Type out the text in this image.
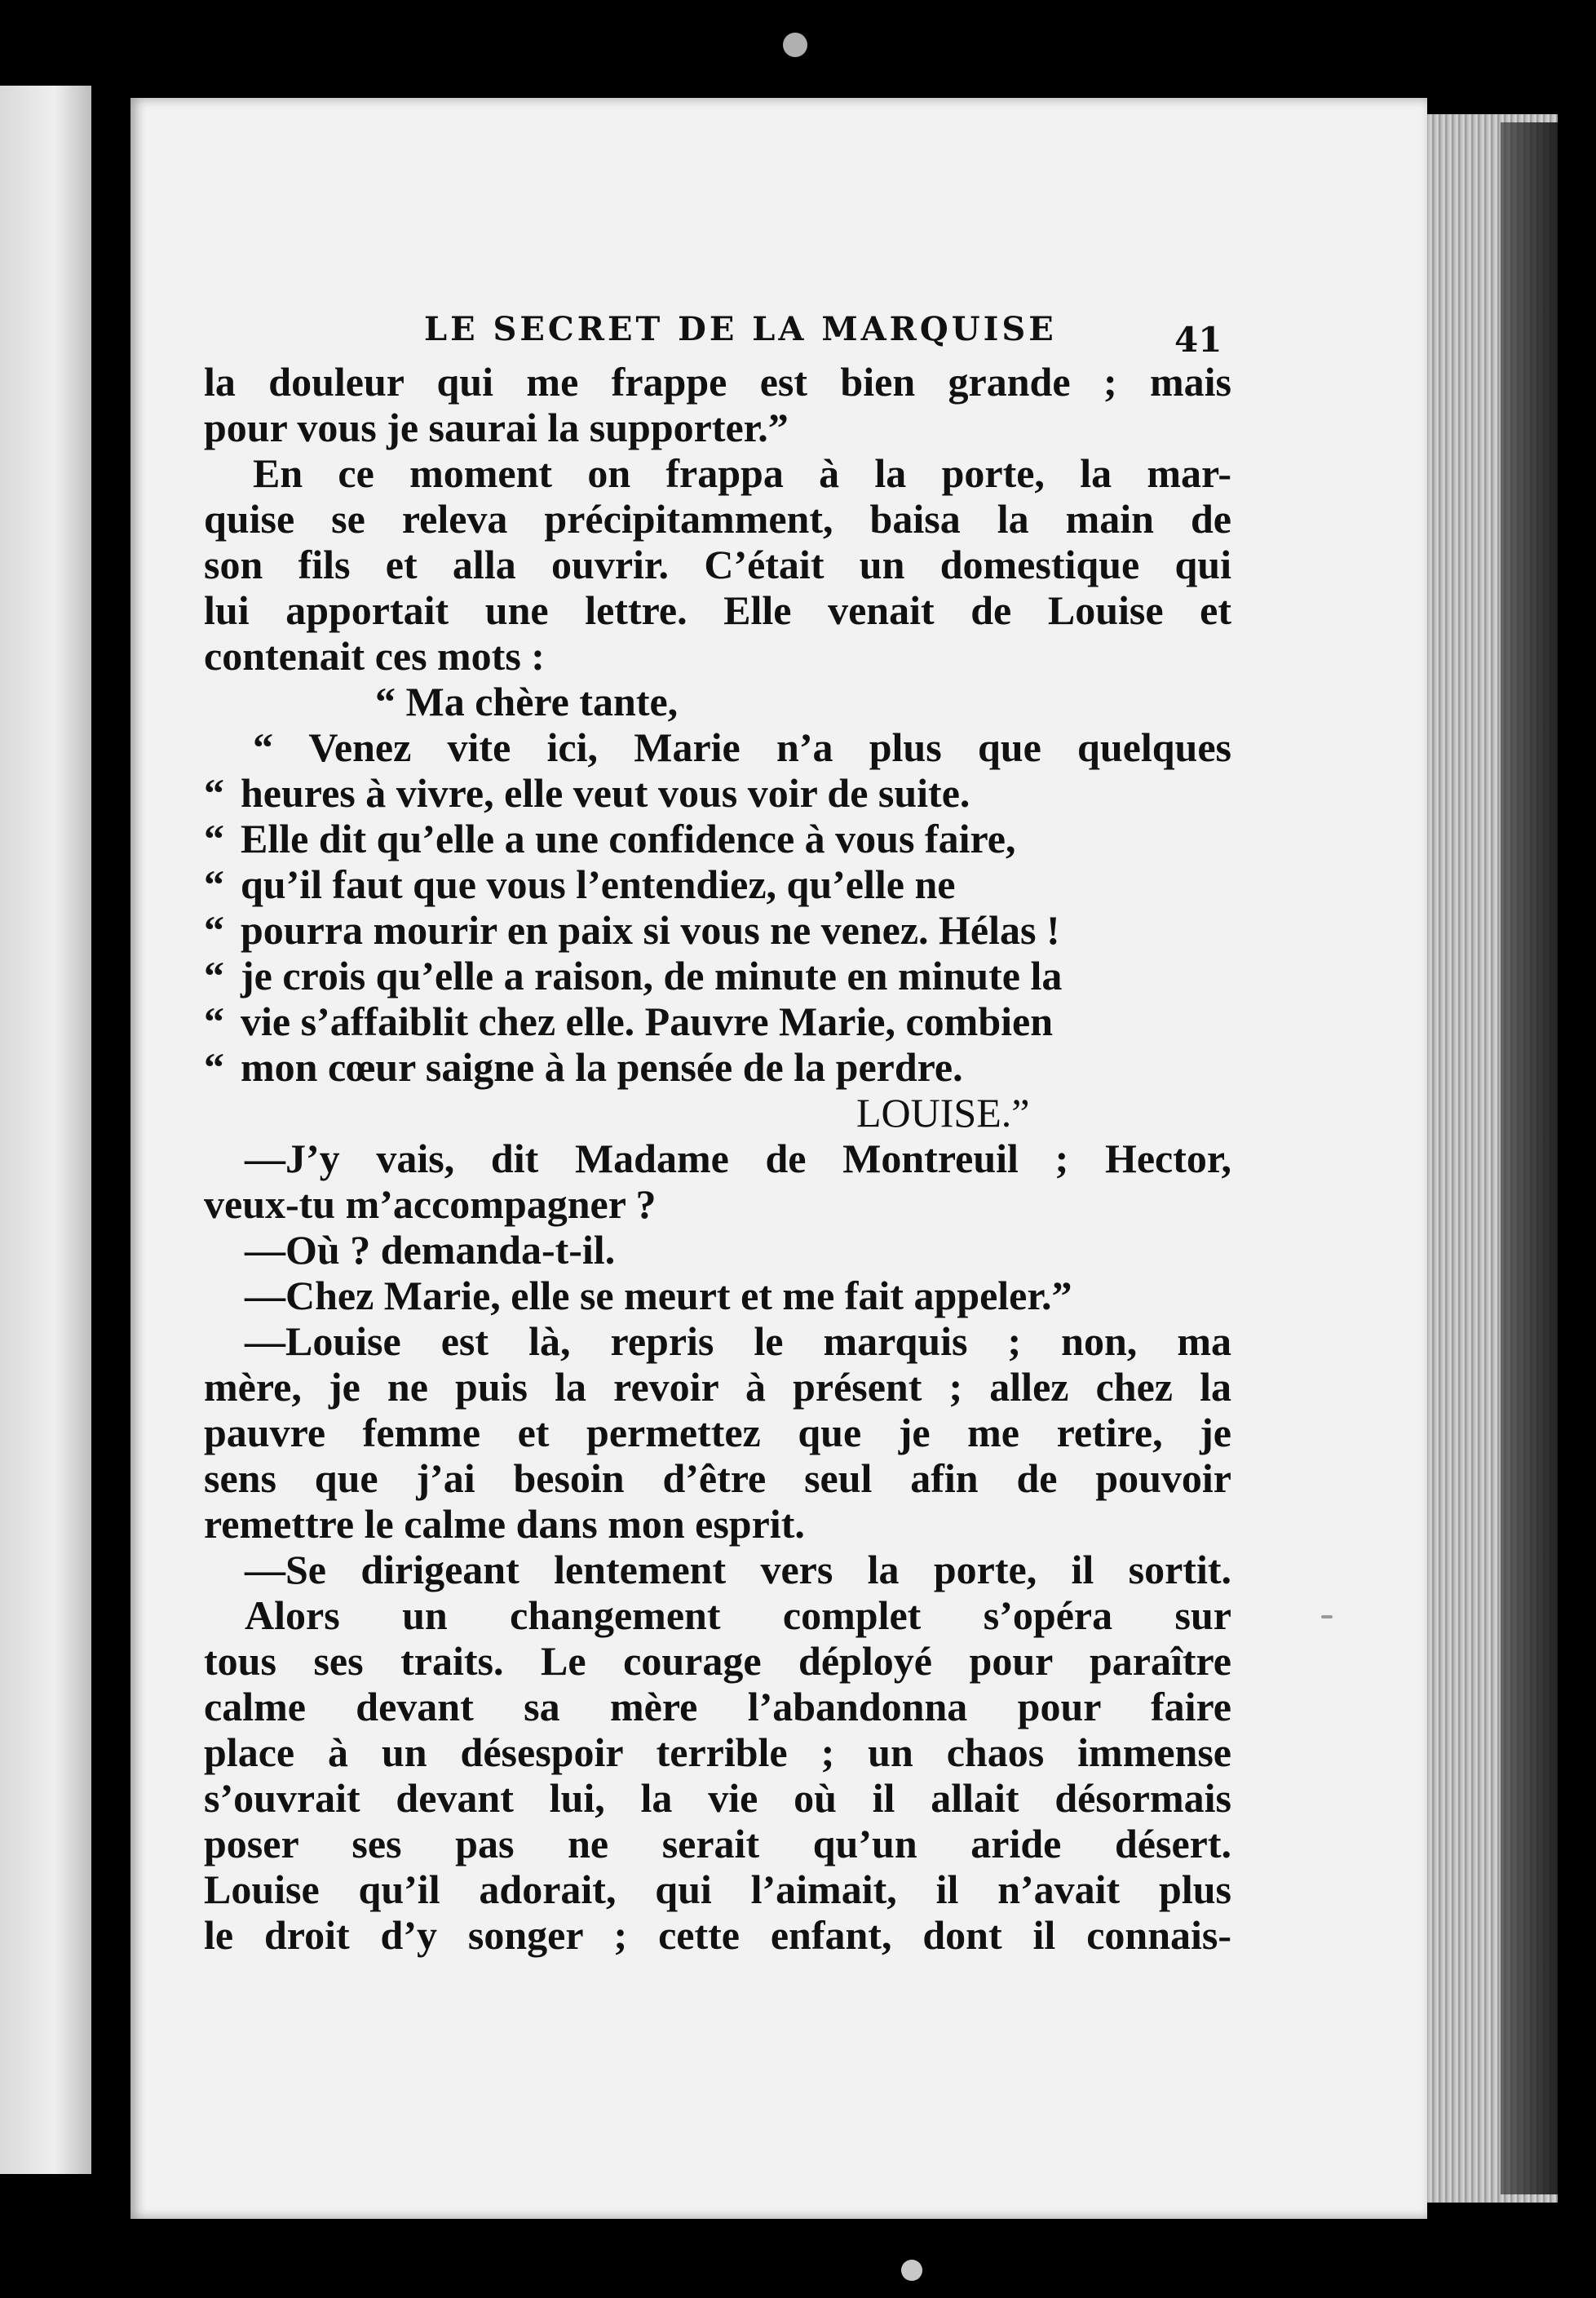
LE SECRET DE LA MARQUISE	41
la douleur qui me frappe est bien grande ; mais
pour vous je saurai la supporter.”
En ce moment on frappa à la porte, la mar-
quise se releva précipitamment, baisa la main de
son fils et alla ouvrir. C’était un domestique qui
lui apportait une lettre. Elle venait de Louise et
contenait ces mots :
“ Ma chère tante,
“ Venez vite ici, Marie n’a plus que quelques
“ heures à vivre, elle veut vous voir de suite.
“ Elle dit qu’elle a une confidence à vous faire,
“ qu’il faut que vous l’entendiez, qu’elle ne
“ pourra mourir en paix si vous ne venez. Hélas !
“ je crois qu’elle a raison, de minute en minute la
“ vie s’affaiblit chez elle. Pauvre Marie, combien
“ mon cœur saigne à la pensée de la perdre.
LOUISE.”
—J’y vais, dit Madame de Montreuil ; Hector,
veux-tu m’accompagner ?
—Où ? demanda-t-il.
—Chez Marie, elle se meurt et me fait appeler.”
—Louise est là, repris le marquis ; non, ma
mère, je ne puis la revoir à présent ; allez chez la
pauvre femme et permettez que je me retire, je
sens que j’ai besoin d’être seul afin de pouvoir
remettre le calme dans mon esprit.
—Se dirigeant lentement vers la porte, il sortit.
Alors un changement complet s’opéra sur
tous ses traits. Le courage déployé pour paraître
calme devant sa mère l’abandonna pour faire
place à un désespoir terrible ; un chaos immense
s’ouvrait devant lui, la vie où il allait désormais
poser ses pas ne serait qu’un aride désert.
Louise qu’il adorait, qui l’aimait, il n’avait plus
le droit d’y songer ; cette enfant, dont il connais-
